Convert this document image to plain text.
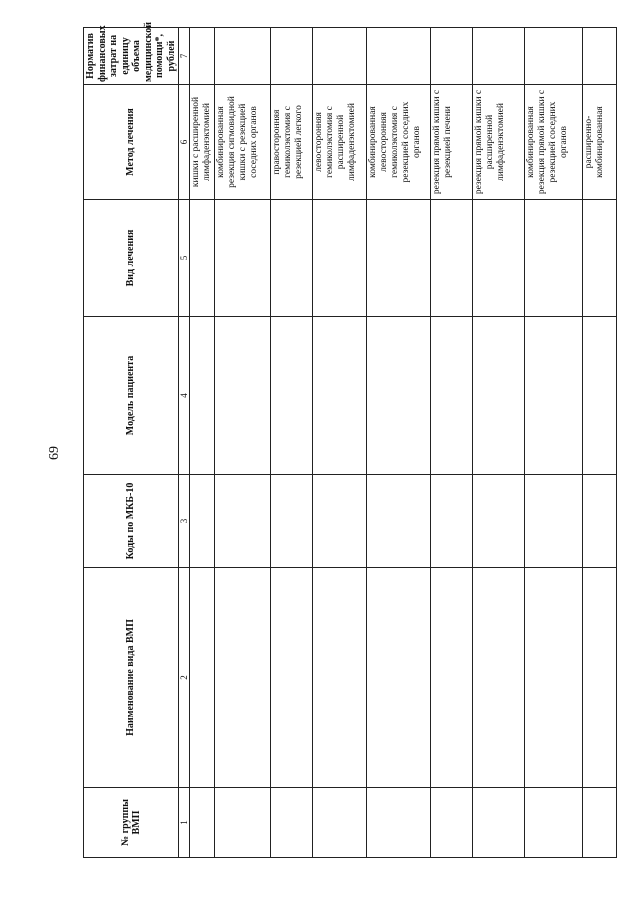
69
№ группы ВМП	Наименование вида ВМП	Коды по МКБ-10	Модель пациента	Вид лечения	Метод лечения	Норматив финансовых затрат на единицу объема медицинской помощи*, рублей
1	2	3	4	5	6	7
					кишки с расширенной лимфаденэктомией	
					комбинированная резекция сигмовидной кишки с резекцией соседних органов	
					правосторонняя гемиколэктомия с резекцией легкого	
					левосторонняя гемиколэктомия с расширенной лимфаденэктомией	
					комбинированная левосторонняя гемиколэктомия с резекцией соседних органов	
					резекция прямой кишки с резекцией печени	
					резекция прямой кишки с расширенной лимфаденэктомией	
					комбинированная резекция прямой кишки с резекцией соседних органов	
					расширенно-комбинированная	
